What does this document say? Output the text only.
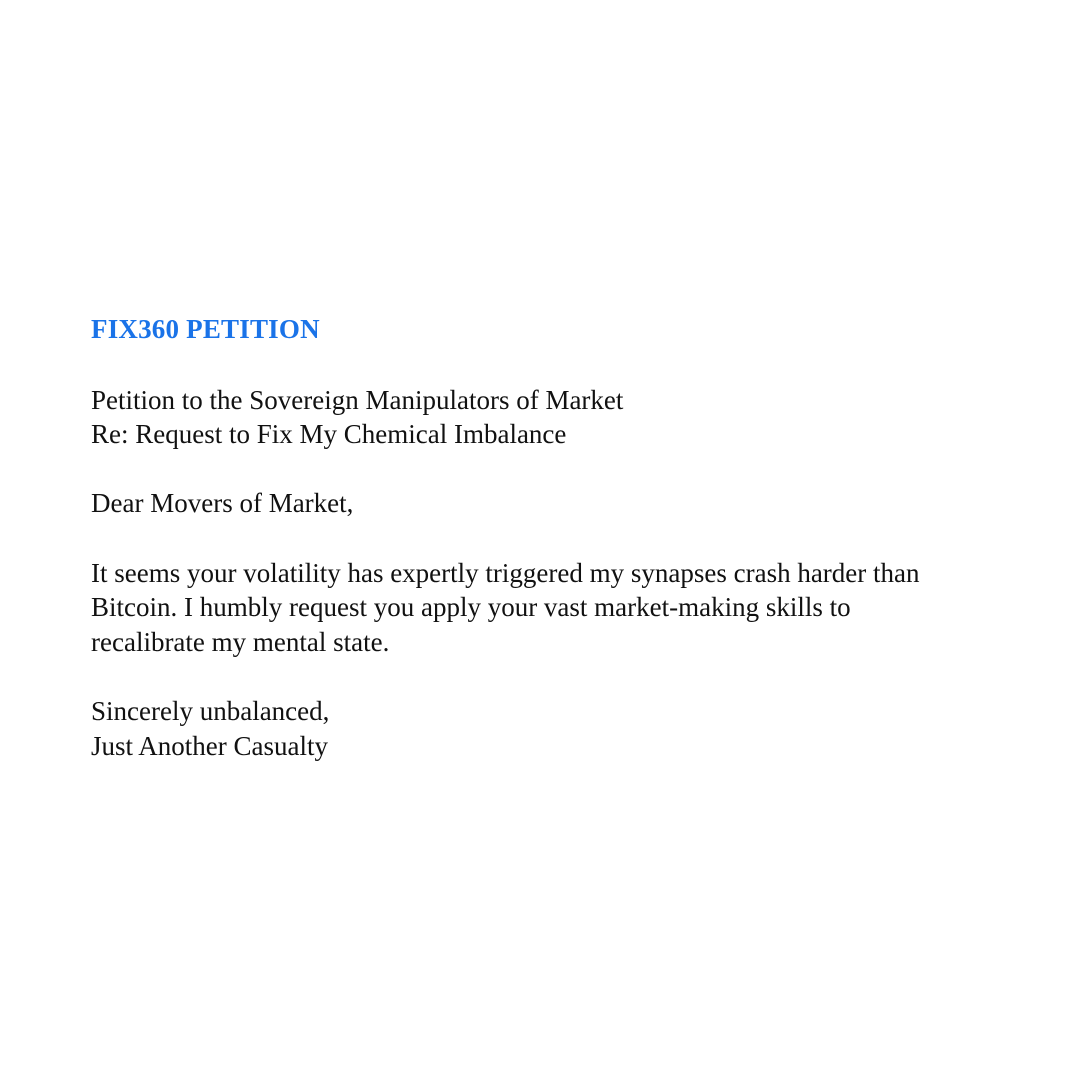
FIX360 PETITION
Petition to the Sovereign Manipulators of Market
Re: Request to Fix My Chemical Imbalance
Dear Movers of Market,
It seems your volatility has expertly triggered my synapses crash harder than
Bitcoin. I humbly request you apply your vast market-making skills to
recalibrate my mental state.
Sincerely unbalanced,
Just Another Casualty
